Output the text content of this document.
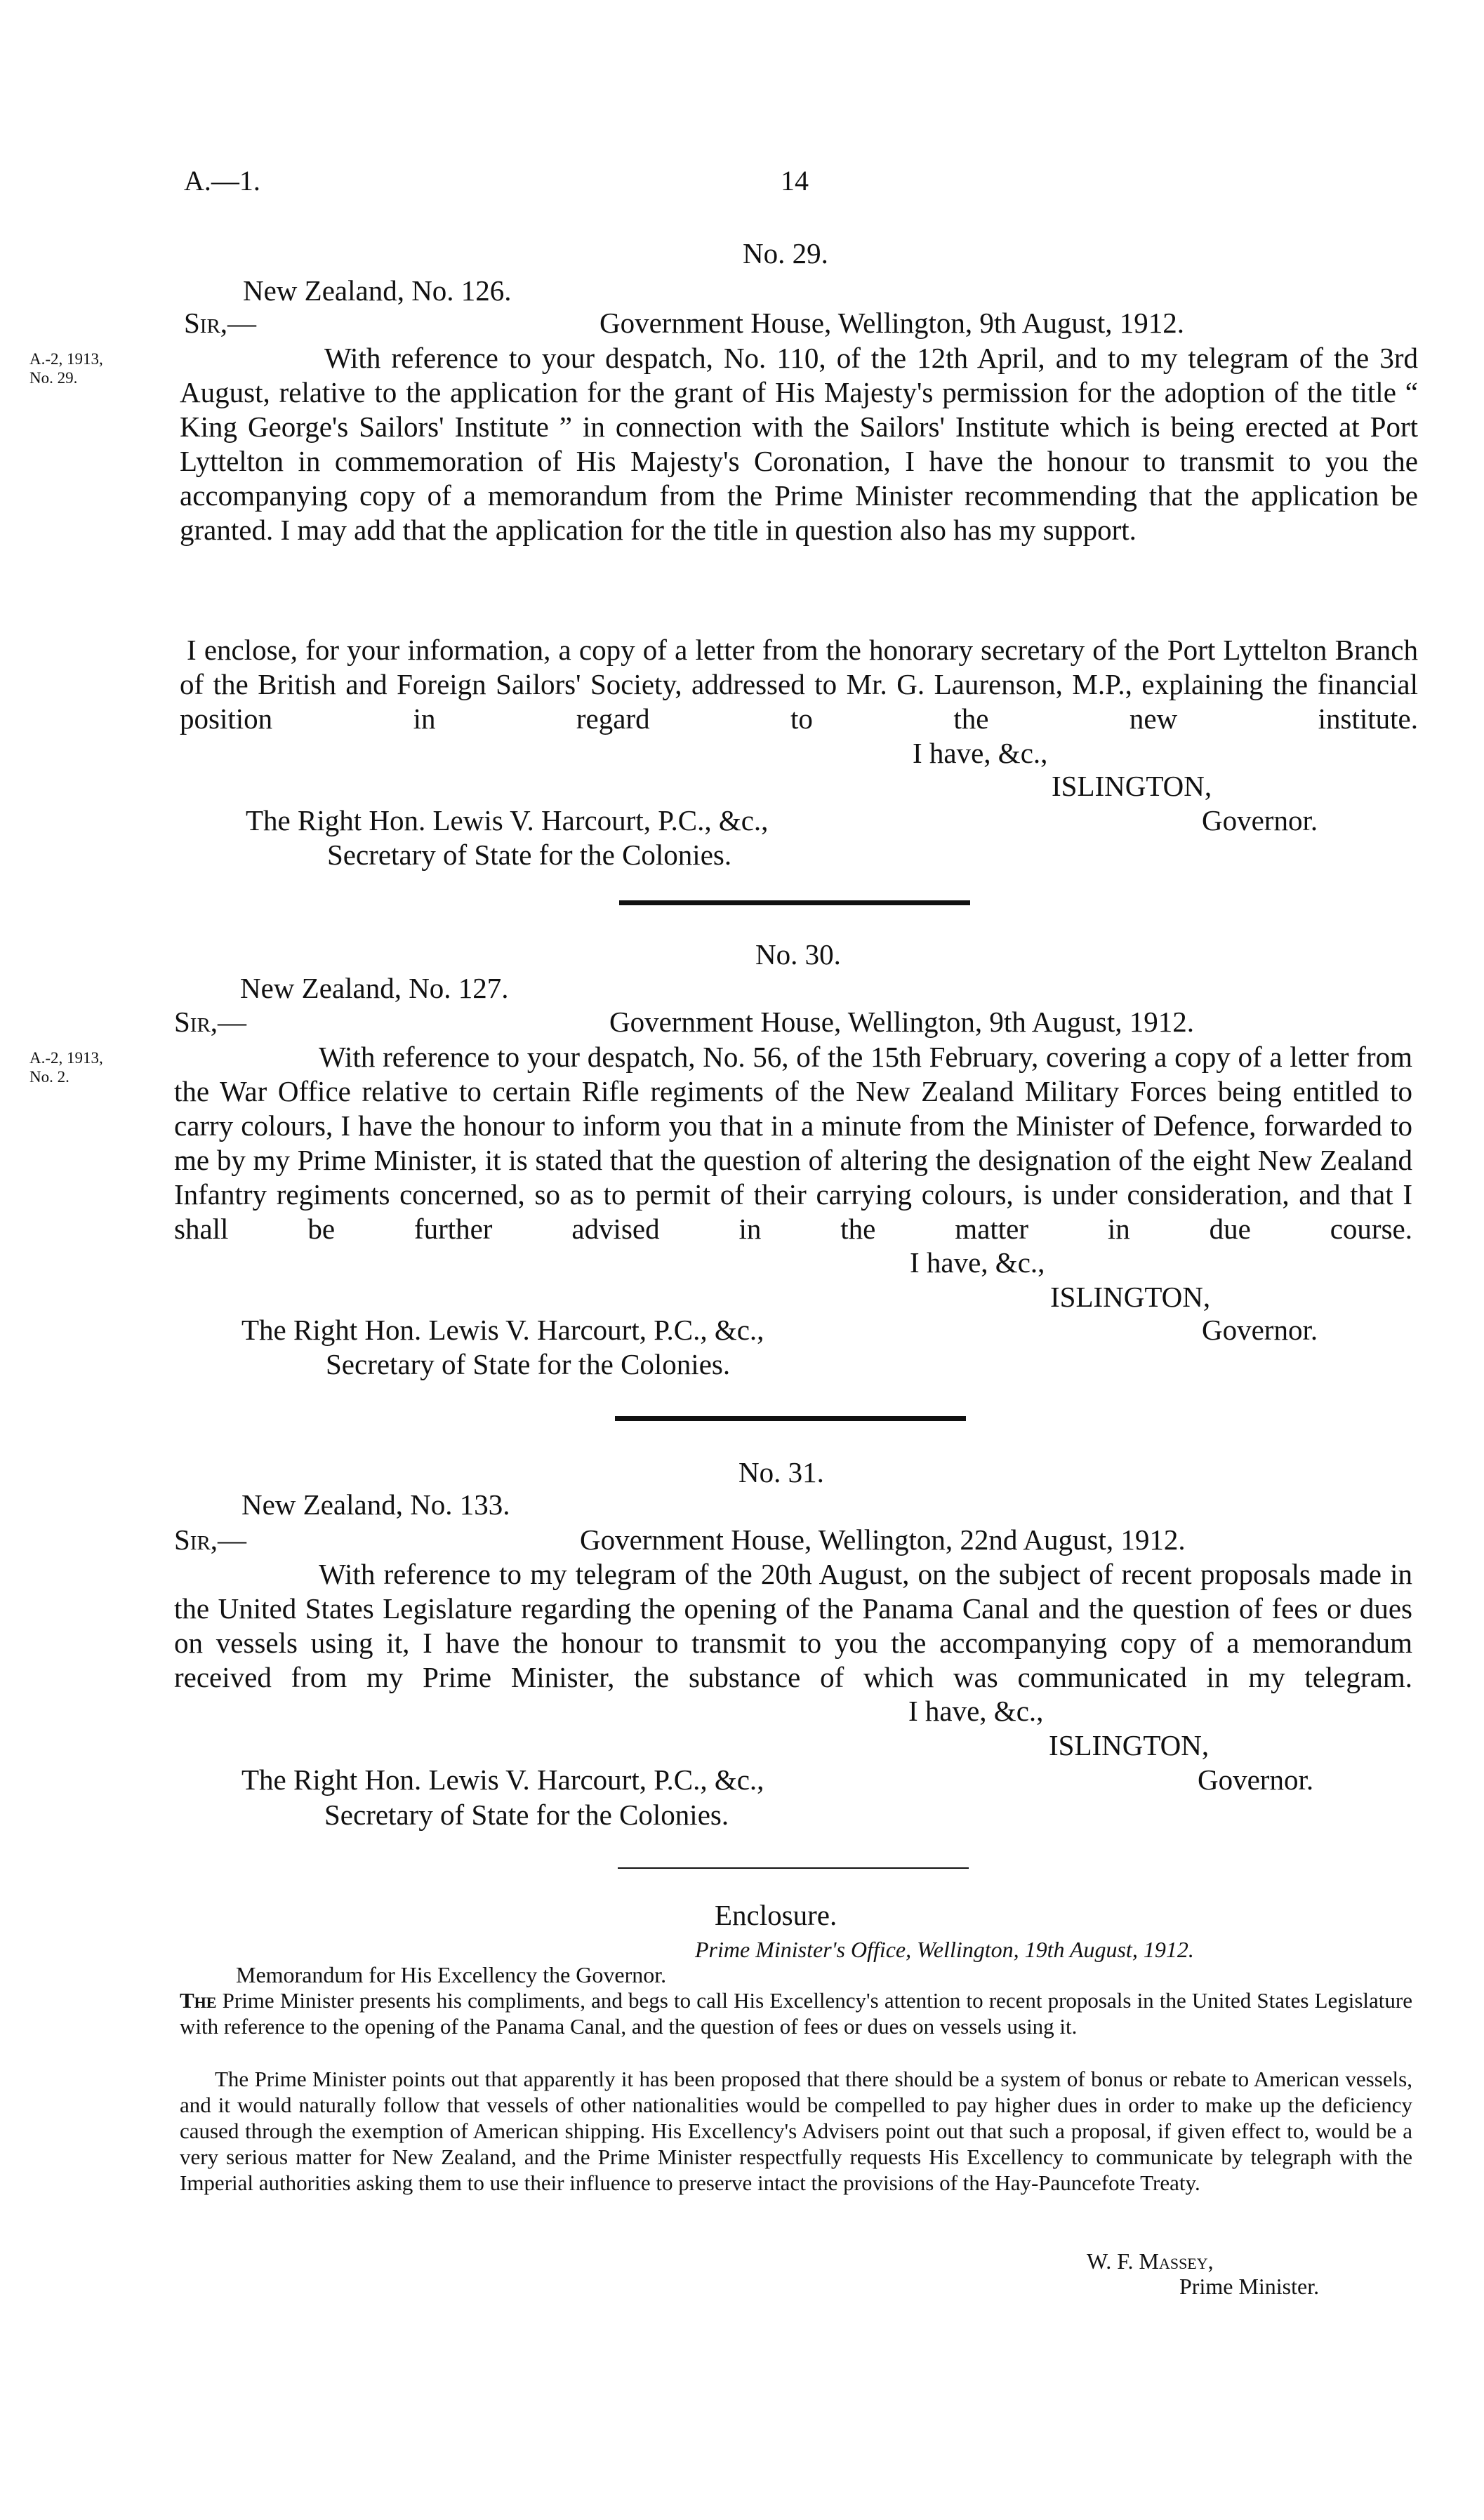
A.—1.	14
No. 29.
New Zealand, No. 126.
Sir,—	Government House, Wellington, 9th August, 1912.
A.-2, 1913,
No. 29.
With reference to your despatch, No. 110, of the 12th April, and to my telegram of the 3rd August, relative to the application for the grant of His Majesty's permission for the adoption of the title “ King George's Sailors' Institute ” in connection with the Sailors' Institute which is being erected at Port Lyttelton in commemoration of His Majesty's Coronation, I have the honour to transmit to you the accompanying copy of a memorandum from the Prime Minister recommending that the application be granted. I may add that the application for the title in question also has my support.
I enclose, for your information, a copy of a letter from the honorary secretary of the Port Lyttelton Branch of the British and Foreign Sailors' Society, addressed to Mr. G. Laurenson, M.P., explaining the financial position in regard to the new institute.
I have, &c.,
ISLINGTON,
Governor.
The Right Hon. Lewis V. Harcourt, P.C., &c.,
Secretary of State for the Colonies.
No. 30.
New Zealand, No. 127.
Sir,—	Government House, Wellington, 9th August, 1912.
A.-2, 1913,
No. 2.
With reference to your despatch, No. 56, of the 15th February, covering a copy of a letter from the War Office relative to certain Rifle regiments of the New Zealand Military Forces being entitled to carry colours, I have the honour to inform you that in a minute from the Minister of Defence, forwarded to me by my Prime Minister, it is stated that the question of altering the designation of the eight New Zealand Infantry regiments concerned, so as to permit of their carrying colours, is under consideration, and that I shall be further advised in the matter in due course.
I have, &c.,
ISLINGTON,
Governor.
The Right Hon. Lewis V. Harcourt, P.C., &c.,
Secretary of State for the Colonies.
No. 31.
New Zealand, No. 133.
Sir,—	Government House, Wellington, 22nd August, 1912.
With reference to my telegram of the 20th August, on the subject of recent proposals made in the United States Legislature regarding the opening of the Panama Canal and the question of fees or dues on vessels using it, I have the honour to transmit to you the accompanying copy of a memorandum received from my Prime Minister, the substance of which was communicated in my telegram.
I have, &c.,
ISLINGTON,
Governor.
The Right Hon. Lewis V. Harcourt, P.C., &c.,
Secretary of State for the Colonies.
Enclosure.
Prime Minister's Office, Wellington, 19th August, 1912.
Memorandum for His Excellency the Governor.
The Prime Minister presents his compliments, and begs to call His Excellency's attention to recent proposals in the United States Legislature with reference to the opening of the Panama Canal, and the question of fees or dues on vessels using it.
The Prime Minister points out that apparently it has been proposed that there should be a system of bonus or rebate to American vessels, and it would naturally follow that vessels of other nationalities would be compelled to pay higher dues in order to make up the deficiency caused through the exemption of American shipping. His Excellency's Advisers point out that such a proposal, if given effect to, would be a very serious matter for New Zealand, and the Prime Minister respectfully requests His Excellency to communicate by telegraph with the Imperial authorities asking them to use their influence to preserve intact the provisions of the Hay-Pauncefote Treaty.
W. F. Massey,
Prime Minister.
